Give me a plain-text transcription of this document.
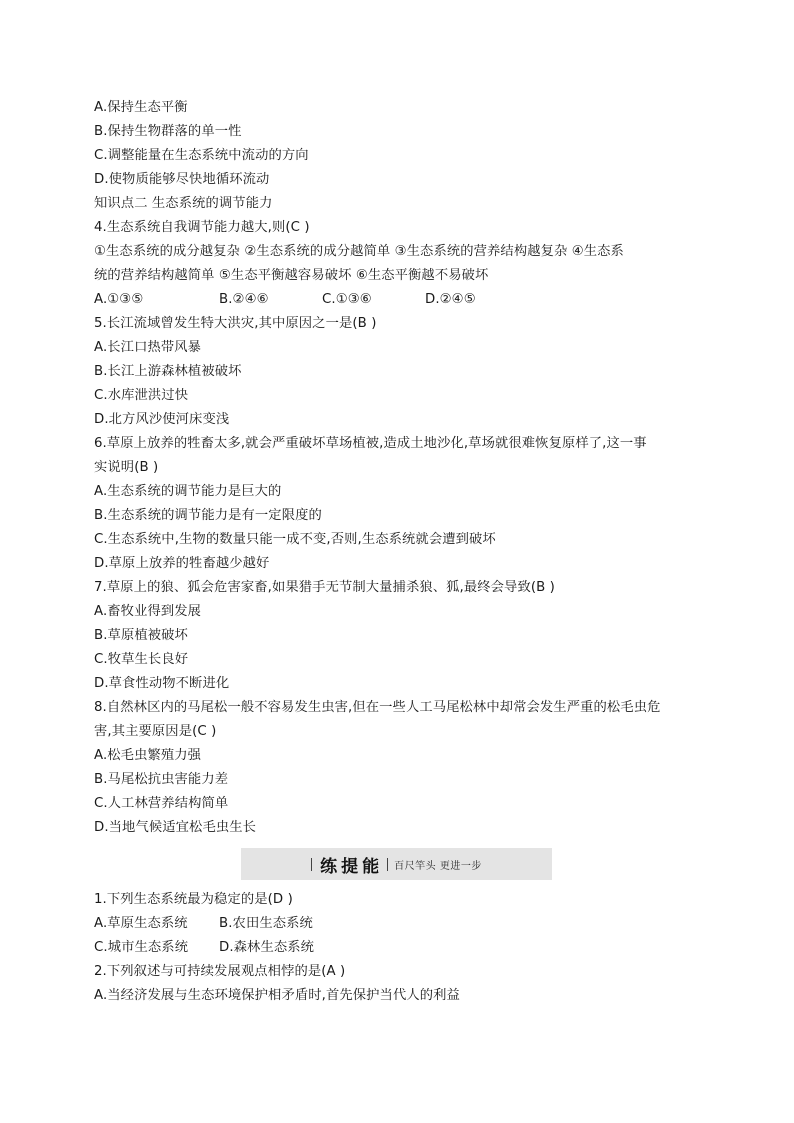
A.保持生态平衡
B.保持生物群落的单一性
C.调整能量在生态系统中流动的方向
D.使物质能够尽快地循环流动
知识点二 生态系统的调节能力
4.生态系统自我调节能力越大,则(C )
①生态系统的成分越复杂 ②生态系统的成分越简单 ③生态系统的营养结构越复杂 ④生态系
统的营养结构越简单 ⑤生态平衡越容易破坏 ⑥生态平衡越不易破坏
A.①③⑤	B.②④⑥	C.①③⑥	D.②④⑤
5.长江流域曾发生特大洪灾,其中原因之一是(B )
A.长江口热带风暴
B.长江上游森林植被破坏
C.水库泄洪过快
D.北方风沙使河床变浅
6.草原上放养的牲畜太多,就会严重破坏草场植被,造成土地沙化,草场就很难恢复原样了,这一事
实说明(B )
A.生态系统的调节能力是巨大的
B.生态系统的调节能力是有一定限度的
C.生态系统中,生物的数量只能一成不变,否则,生态系统就会遭到破坏
D.草原上放养的牲畜越少越好
7.草原上的狼、狐会危害家畜,如果猎手无节制大量捕杀狼、狐,最终会导致(B )
A.畜牧业得到发展
B.草原植被破坏
C.牧草生长良好
D.草食性动物不断进化
8.自然林区内的马尾松一般不容易发生虫害,但在一些人工马尾松林中却常会发生严重的松毛虫危
害,其主要原因是(C )
A.松毛虫繁殖力强
B.马尾松抗虫害能力差
C.人工林营养结构简单
D.当地气候适宜松毛虫生长
练提能 百尺竿头 更进一步
1.下列生态系统最为稳定的是(D )
A.草原生态系统	B.农田生态系统
C.城市生态系统	D.森林生态系统
2.下列叙述与可持续发展观点相悖的是(A )
A.当经济发展与生态环境保护相矛盾时,首先保护当代人的利益
